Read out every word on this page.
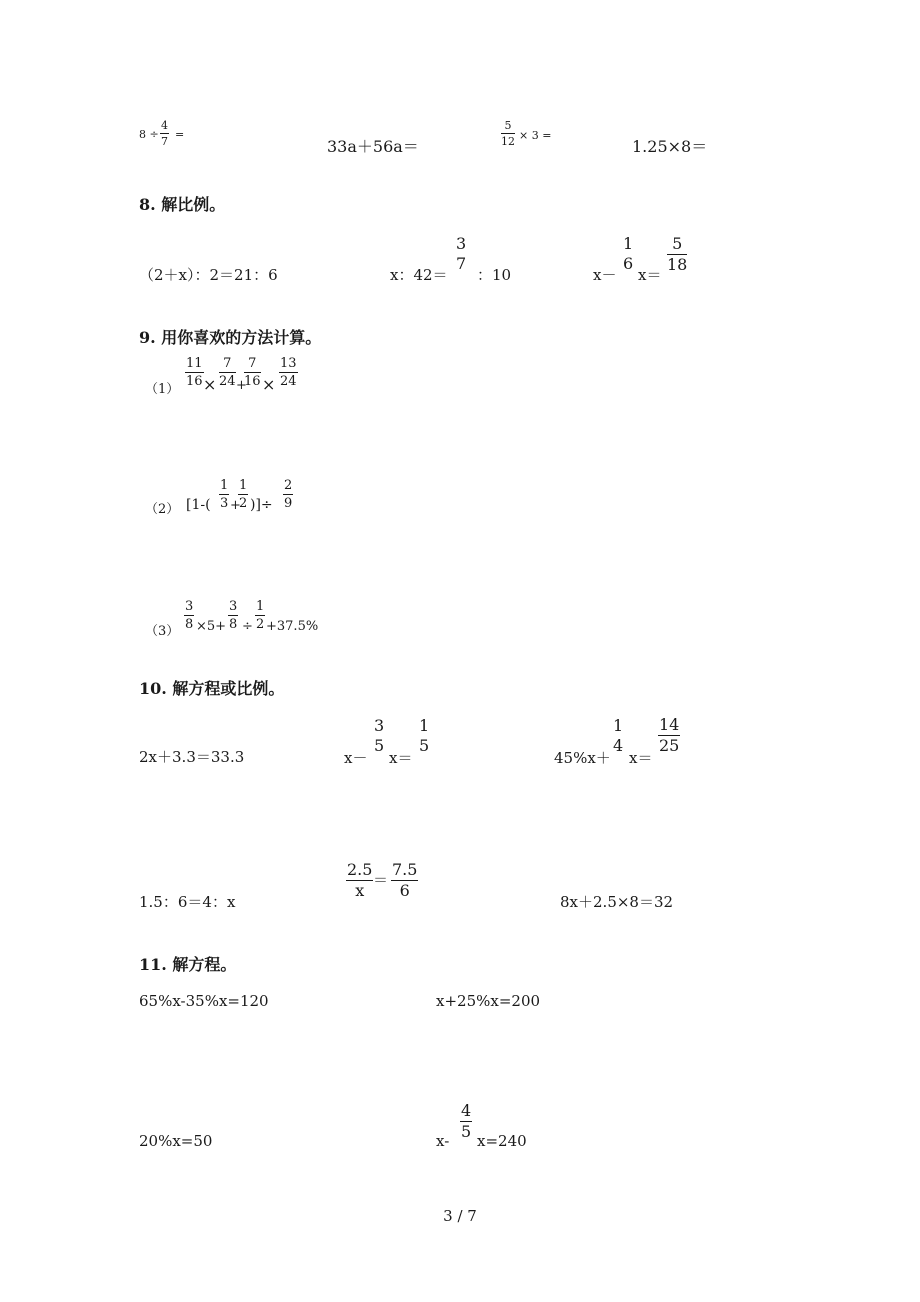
$8 \div \frac{4}{7}$ =
33a＋56a＝	$\frac{5}{12} \times 3$ =
1.25×8＝
8. 解比例。
（2＋x）：2＝21：6	x：42＝
3
7
：10	x－
1
6
x＝
$\frac{5}{18}$
9. 用你喜欢的方法计算。
（1）
$\frac{11}{16} \times \frac{7}{24}$ +
$\frac{7}{16} \times \frac{13}{24}$
（2） [$1-( \frac{1}{3}$ +
$\frac{1}{2}$ )]÷ $\frac{2}{9}$
（3）
$\frac{3}{8} \times 5+ \frac{3}{8} \div \frac{1}{2} +37.5\%$
10. 解方程或比例。
2x＋3.3＝33.3	x－
3
5
x＝
1
5
45%x＋
1
4
x＝
$\frac{14}{25}$
1.5：6＝4：x
$\frac{2.5}{x} = \frac{7.5}{6}$
8x＋2.5×8＝32
11. 解方程。
65%x-35%x=120	x+25%x=200
20%x=50	x-
$\frac{4}{5}$
x=240
3 / 7
